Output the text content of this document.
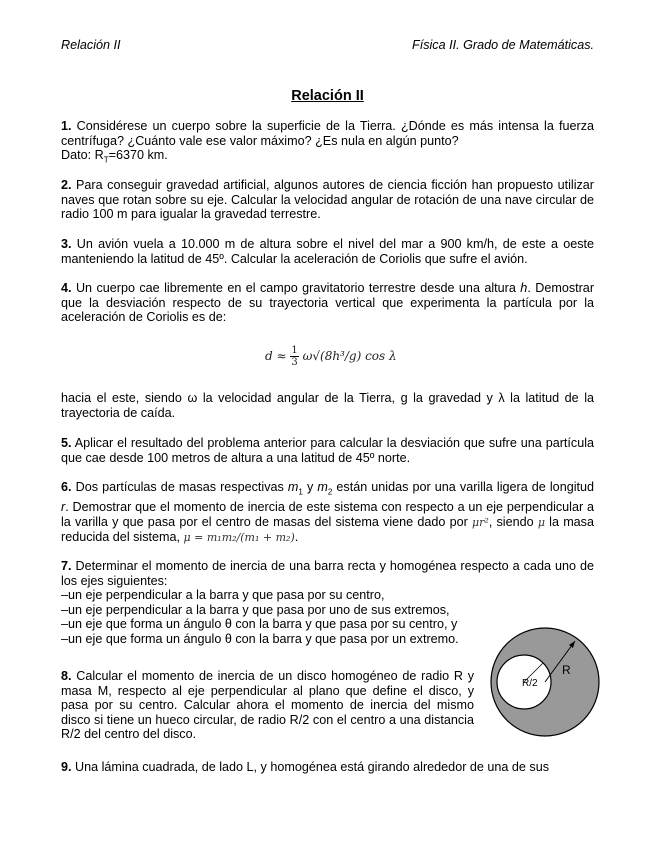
Relación II	Física II. Grado de Matemáticas.
Relación II
1. Considérese un cuerpo sobre la superficie de la Tierra. ¿Dónde es más intensa la fuerza centrífuga? ¿Cuánto vale ese valor máximo? ¿Es nula en algún punto?
Dato: $R_T=6370$ km.
2. Para conseguir gravedad artificial, algunos autores de ciencia ficción han propuesto utilizar naves que rotan sobre su eje. Calcular la velocidad angular de rotación de una nave circular de radio 100 m para igualar la gravedad terrestre.
3. Un avión vuela a 10.000 m de altura sobre el nivel del mar a 900 km/h, de este a oeste manteniendo la latitud de 45º. Calcular la aceleración de Coriolis que sufre el avión.
4. Un cuerpo cae libremente en el campo gravitatorio terrestre desde una altura h. Demostrar que la desviación respecto de su trayectoria vertical que experimenta la partícula por la aceleración de Coriolis es de:
$d \approx \frac{1}{3} \omega√(8h^3/g)$ cos λ
hacia el este, siendo ω la velocidad angular de la Tierra, g la gravedad y λ la latitud de la trayectoria de caída.
5. Aplicar el resultado del problema anterior para calcular la desviación que sufre una partícula que cae desde 100 metros de altura a una latitud de 45º norte.
6. Dos partículas de masas respectivas $m_1$ y $m_2$ están unidas por una varilla ligera de longitud r. Demostrar que el momento de inercia de este sistema con respecto a un eje perpendicular a la varilla y que pasa por el centro de masas del sistema viene dado por μr², siendo μ la masa reducida del sistema, μ = m₁m₂/(m₁ + m₂).
7. Determinar el momento de inercia de una barra recta y homogénea respecto a cada uno de los ejes siguientes:
–un eje perpendicular a la barra y que pasa por su centro,
–un eje perpendicular a la barra y que pasa por uno de sus extremos,
–un eje que forma un ángulo θ con la barra y que pasa por su centro, y
–un eje que forma un ángulo θ con la barra y que pasa por un extremo.
8. Calcular el momento de inercia de un disco homogéneo de radio R y masa M, respecto al eje perpendicular al plano que define el disco, y pasa por su centro. Calcular ahora el momento de inercia del mismo disco si tiene un hueco circular, de radio R/2 con el centro a una distancia R/2 del centro del disco.
R
R/2
9. Una lámina cuadrada, de lado L, y homogénea está girando alrededor de una de sus
